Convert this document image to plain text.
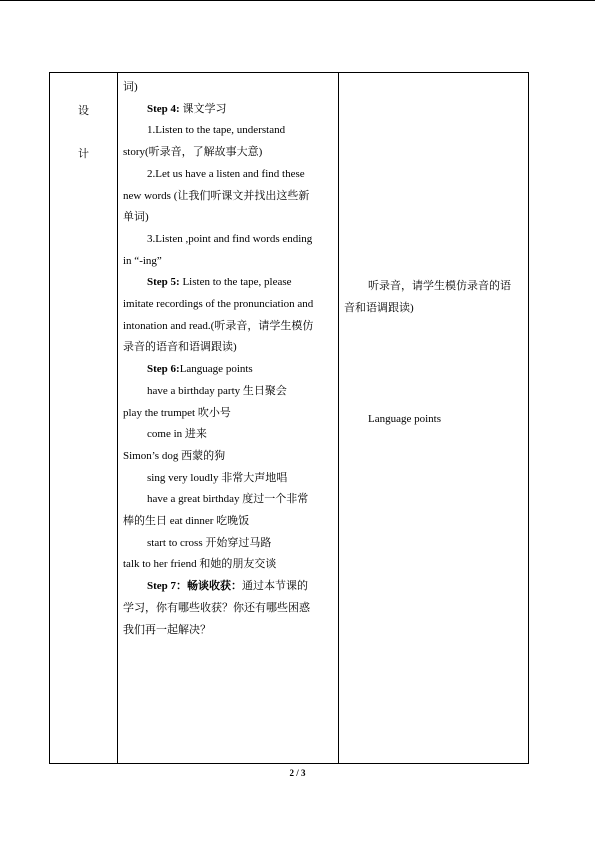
设
计
词)
Step 4: 课文学习
1.Listen to the tape, understand
story(听录音，了解故事大意)
2.Let us have a listen and find these
new words (让我们听课文并找出这些新
单词)
3.Listen ,point and find words ending
in “-ing”
Step 5: Listen to the tape, please
imitate recordings of the pronunciation and
intonation and read.(听录音，请学生模仿
录音的语音和语调跟读)
Step 6:Language points
have a birthday party 生日聚会
play the trumpet 吹小号
come in 进来
Simon’s dog 西蒙的狗
sing very loudly 非常大声地唱
have a great birthday 度过一个非常
棒的生日 eat dinner 吃晚饭
start to cross 开始穿过马路
talk to her friend 和她的朋友交谈
Step 7：畅谈收获：通过本节课的
学习，你有哪些收获？你还有哪些困惑
我们再一起解决？
听录音，请学生模仿录音的语
音和语调跟读)
Language points
2 / 3
